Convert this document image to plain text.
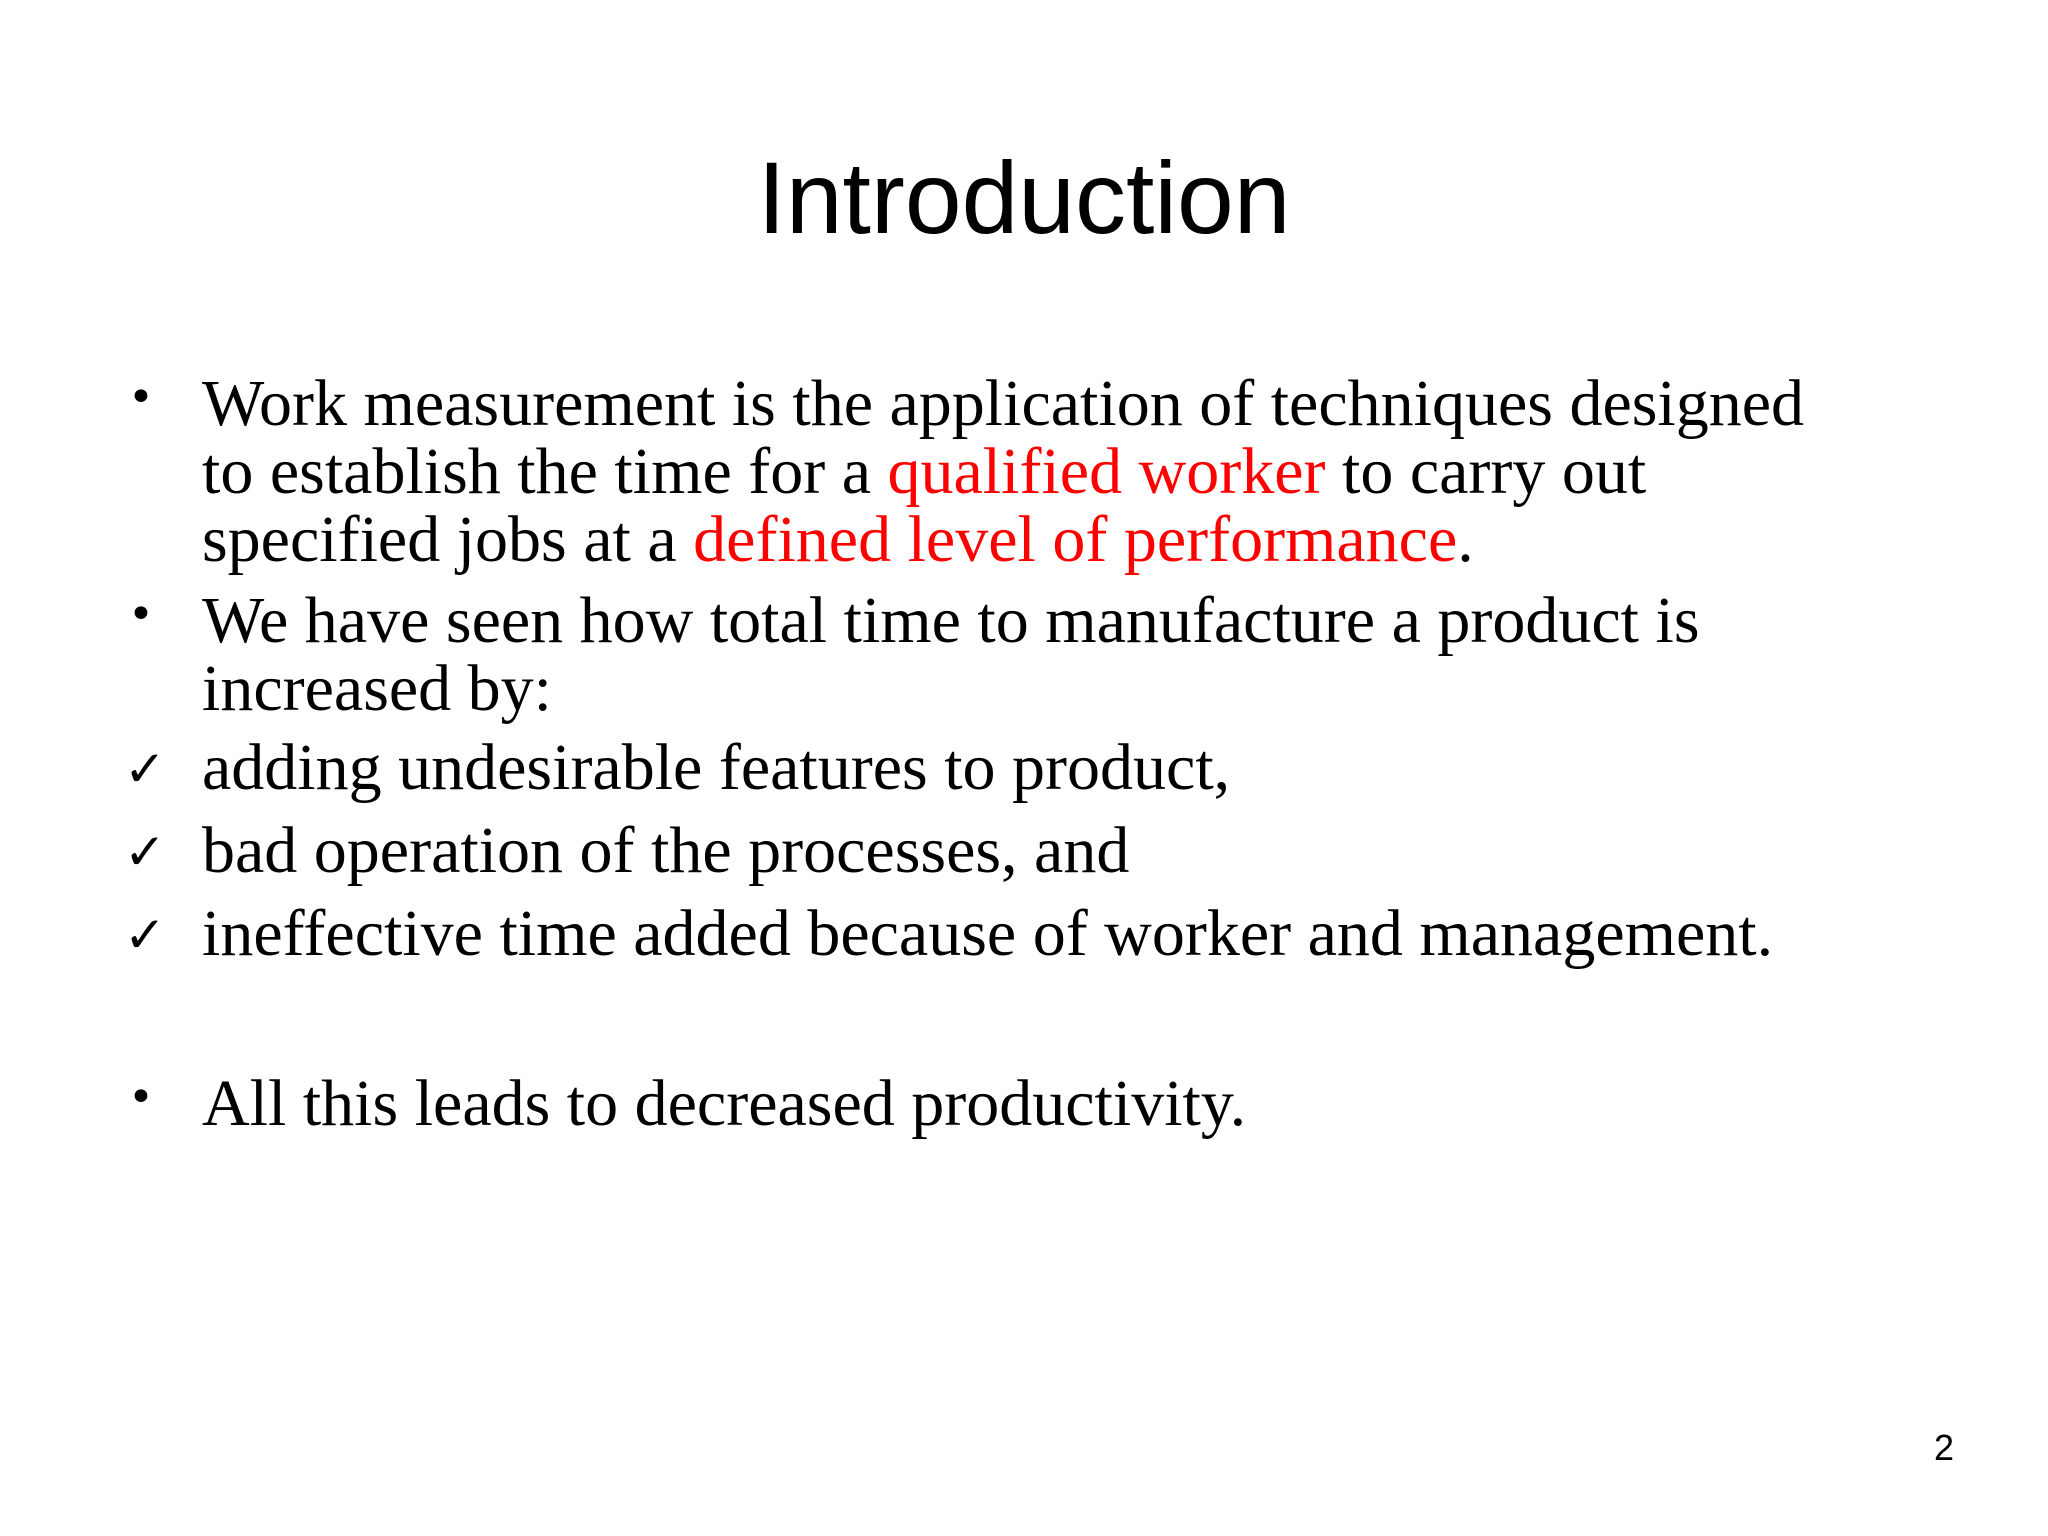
Introduction
• Work measurement is the application of techniques designed
to establish the time for a qualified worker to carry out
specified jobs at a defined level of performance.
• We have seen how total time to manufacture a product is
increased by:
✓ adding undesirable features to product,
✓ bad operation of the processes, and
✓ ineffective time added because of worker and management.
• All this leads to decreased productivity.
2
